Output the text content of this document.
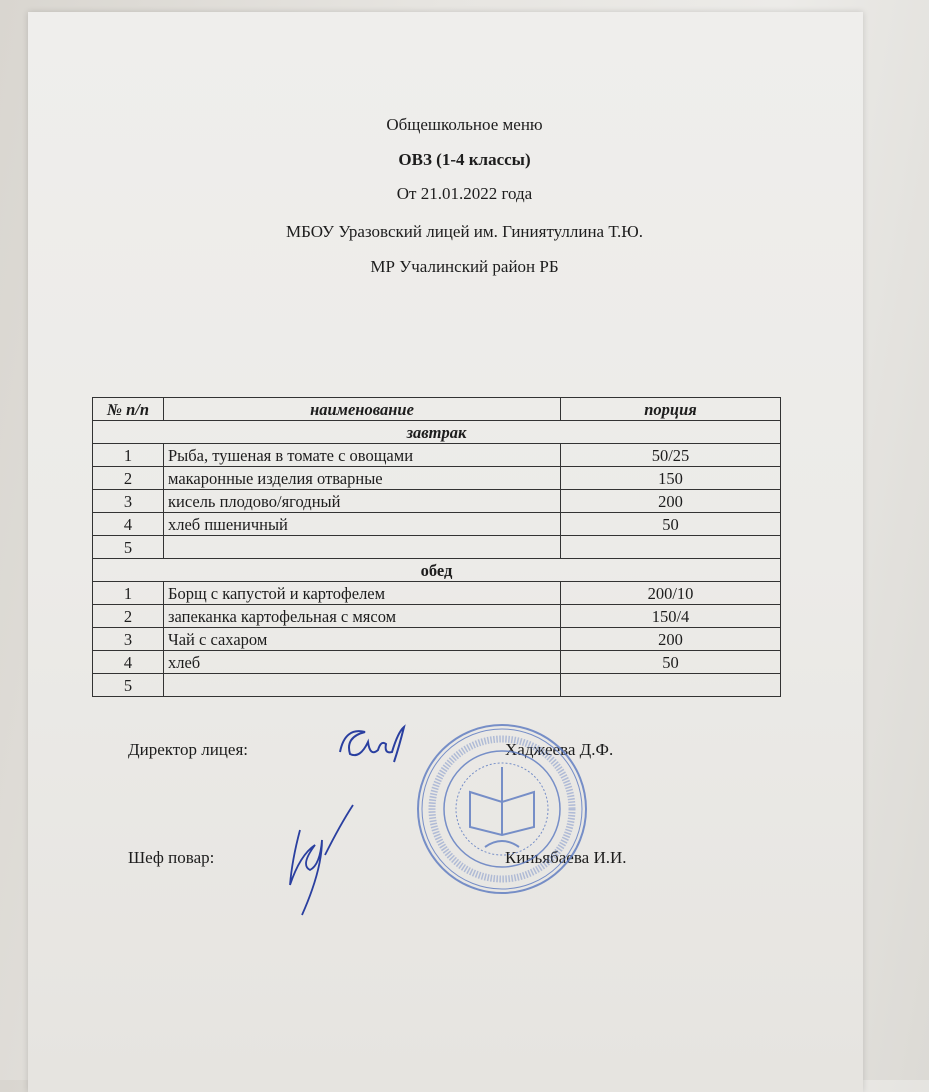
Общешкольное меню
ОВЗ (1-4 классы)
От 21.01.2022 года
МБОУ Уразовский лицей им. Гиниятуллина Т.Ю.
МР Учалинский район РБ
№ п/п	наименование	порция
завтрак		
1	Рыба, тушеная в томате с овощами	50/25
2	макаронные изделия отварные	150
3	кисель плодово/ягодный	200
4	хлеб пшеничный	50
5		
обед		
1	Борщ с капустой и картофелем	200/10
2	запеканка картофельная с мясом	150/4
3	Чай с сахаром	200
4	хлеб	50
5		
Директор лицея:	Хаджеева Д.Ф.
Шеф повар:	Киньябаева И.И.
